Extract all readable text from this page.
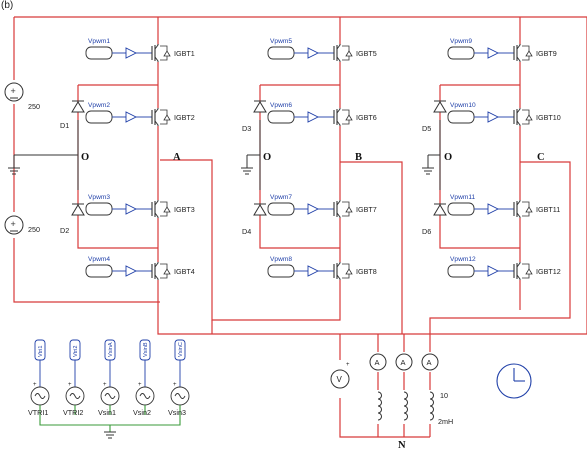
(b)
+
250
+
250
D1
D2
O	A
D3
D4
O	B
D5
D6
O	C
Vpwm1
IGBT1
Vpwm2
IGBT2
Vpwm3
IGBT3
Vpwm4
IGBT4
Vpwm5
IGBT5
Vpwm6
IGBT6
Vpwm7
IGBT7
Vpwm8
IGBT8
Vpwm9
IGBT9
Vpwm10
IGBT10
Vpwm11
IGBT11
Vpwm12
IGBT12
V
+	A	A	A
10
2mH
N
Vtri1
+
VTRI1
Vtri2
+
VTRI2
VsinA
+
Vsin1
VsinB
+
Vsin2
VsinC
+
Vsin3
